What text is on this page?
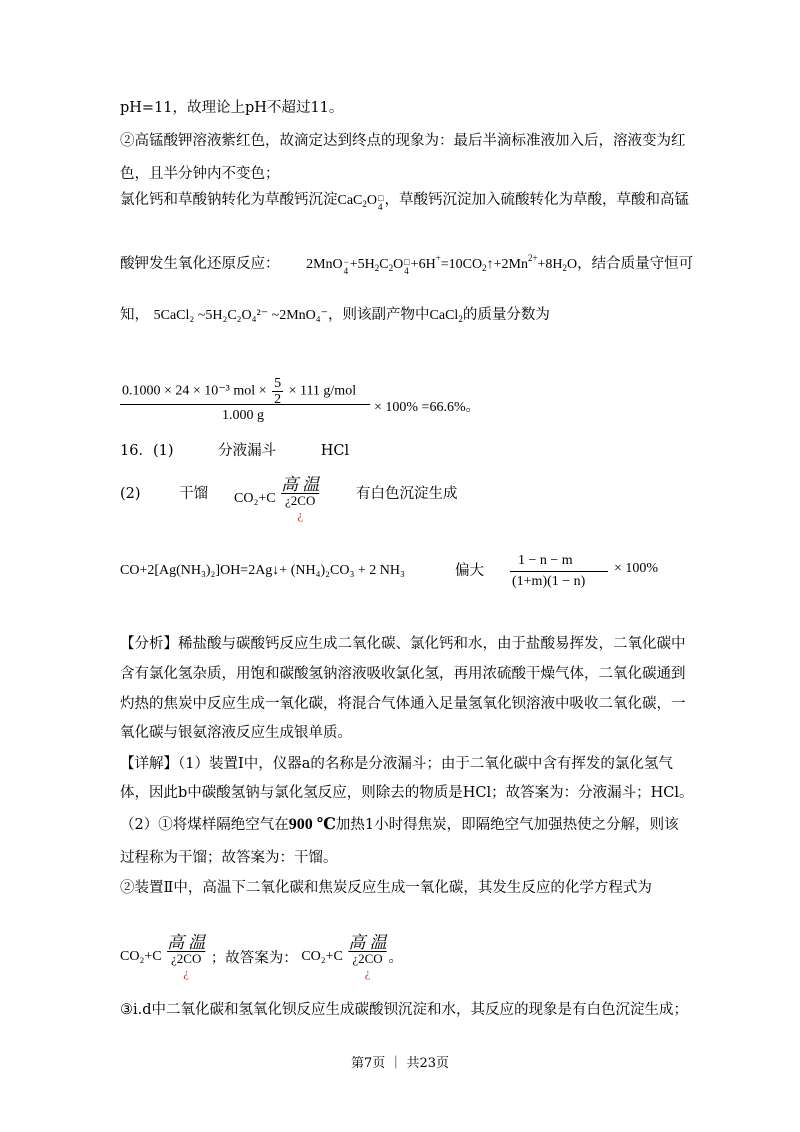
pH=11，故理论上pH不超过11。
②高锰酸钾溶液紫红色，故滴定达到终点的现象为：最后半滴标准液加入后，溶液变为红
色，且半分钟内不变色；
氯化钙和草酸钠转化为草酸钙沉淀CaC$_2$O □
4 ，草酸钙沉淀加入硫酸转化为草酸，草酸和高锰
酸钾发生氧化还原反应： 2MnO −
$4 +5H_2C_2O$ □
$4 +6H^+=10CO_2↑+2Mn^{2+}+8H_2O$，结合质量守恒可
知， 5CaCl₂ ~5H₂C₂O₄²⁻ ~2MnO₄⁻，则该副产物中CaCl$_2$的质量分数为
0.1000 × 24 × 10⁻³ mol × $\frac{5}{2} \times 111$ g/mol
1.000 g
× 100% =66.6%。
16．(1)	分液漏斗	HCl
(2)	干馏 CO₂+C
高 温
¿2CO
¿
有白色沉淀生成
CO+2[Ag(NH₃)₂]OH=2Ag↓+ (NH₄)₂CO₃ + 2 NH₃	偏大
1 − n − m
(1+m)(1 − n)
× 100%
【分析】稀盐酸与碳酸钙反应生成二氧化碳、氯化钙和水，由于盐酸易挥发，二氧化碳中
含有氯化氢杂质，用饱和碳酸氢钠溶液吸收氯化氢，再用浓硫酸干燥气体，二氧化碳通到
灼热的焦炭中反应生成一氧化碳，将混合气体通入足量氢氧化钡溶液中吸收二氧化碳，一
氧化碳与银氨溶液反应生成银单质。
【详解】（1）装置Ⅰ中，仪器a的名称是分液漏斗；由于二氧化碳中含有挥发的氯化氢气
体，因此b中碳酸氢钠与氯化氢反应，则除去的物质是HCl；故答案为：分液漏斗；HCl。
（2）①将煤样隔绝空气在900 ℃加热1小时得焦炭，即隔绝空气加强热使之分解，则该
过程称为干馏；故答案为：干馏。
②装置Ⅱ中，高温下二氧化碳和焦炭反应生成一氧化碳，其发生反应的化学方程式为
CO₂+C
高 温
¿2CO
¿
；故答案为： CO₂+C
高 温
¿2CO
¿
。
③i.d中二氧化碳和氢氧化钡反应生成碳酸钡沉淀和水，其反应的现象是有白色沉淀生成；
第7页 ｜ 共23页
